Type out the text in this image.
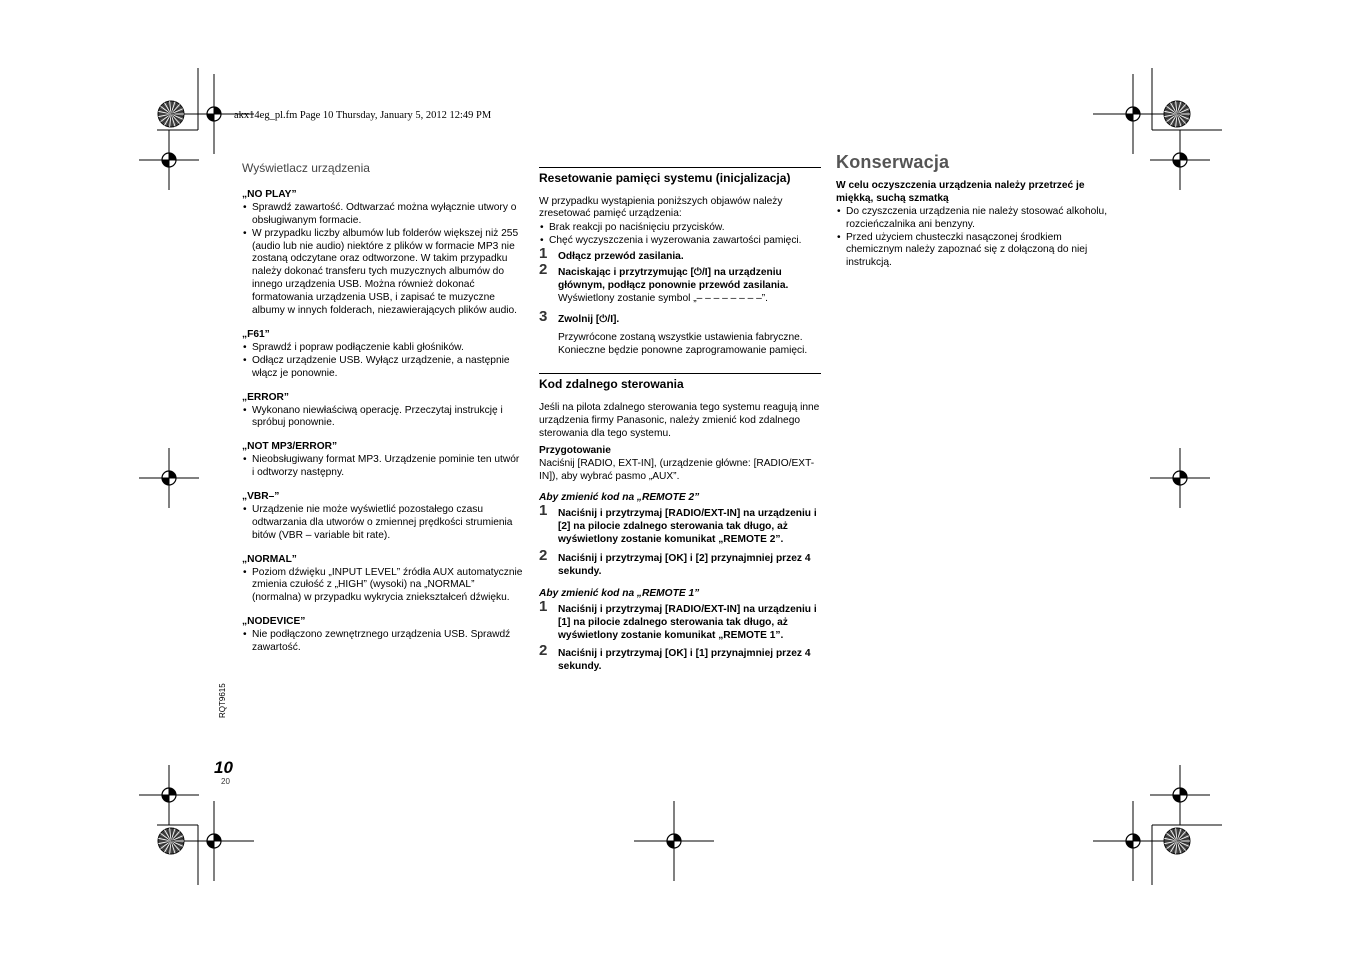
akx14eg_pl.fm Page 10 Thursday, January 5, 2012 12:49 PM
Wyświetlacz urządzenia
„NO PLAY”
• Sprawdź zawartość. Odtwarzać można wyłącznie utwory o obsługiwanym formacie.
• W przypadku liczby albumów lub folderów większej niż 255 (audio lub nie audio) niektóre z plików w formacie MP3 nie zostaną odczytane oraz odtworzone. W takim przypadku należy dokonać transferu tych muzycznych albumów do innego urządzenia USB. Można również dokonać formatowania urządzenia USB, i zapisać te muzyczne albumy w innych folderach, niezawierających plików audio.
„F61”
• Sprawdź i popraw podłączenie kabli głośników.
• Odłącz urządzenie USB. Wyłącz urządzenie, a następnie włącz je ponownie.
„ERROR”
• Wykonano niewłaściwą operację. Przeczytaj instrukcję i spróbuj ponownie.
„NOT MP3/ERROR”
• Nieobsługiwany format MP3. Urządzenie pominie ten utwór i odtworzy następny.
„VBR–”
• Urządzenie nie może wyświetlić pozostałego czasu odtwarzania dla utworów o zmiennej prędkości strumienia bitów (VBR – variable bit rate).
„NORMAL”
• Poziom dźwięku „INPUT LEVEL” źródła AUX automatycznie zmienia czułość z „HIGH” (wysoki) na „NORMAL” (normalna) w przypadku wykrycia zniekształceń dźwięku.
„NODEVICE”
• Nie podłączono zewnętrznego urządzenia USB. Sprawdź zawartość.
Resetowanie pamięci systemu (inicjalizacja)
W przypadku wystąpienia poniższych objawów należy zresetować pamięć urządzenia:
• Brak reakcji po naciśnięciu przycisków.
• Chęć wyczyszczenia i wyzerowania zawartości pamięci.
1 Odłącz przewód zasilania.
2 Naciskając i przytrzymując [⏻/I] na urządzeniu głównym, podłącz ponownie przewód zasilania.
Wyświetlony zostanie symbol „– – – – – – – –”.
3 Zwolnij [⏻/I].
Przywrócone zostaną wszystkie ustawienia fabryczne. Konieczne będzie ponowne zaprogramowanie pamięci.
Kod zdalnego sterowania
Jeśli na pilota zdalnego sterowania tego systemu reagują inne urządzenia firmy Panasonic, należy zmienić kod zdalnego sterowania dla tego systemu.
Przygotowanie
Naciśnij [RADIO, EXT-IN], (urządzenie główne: [RADIO/EXT-IN]), aby wybrać pasmo „AUX”.
Aby zmienić kod na „REMOTE 2”
1 Naciśnij i przytrzymaj [RADIO/EXT-IN] na urządzeniu i [2] na pilocie zdalnego sterowania tak długo, aż wyświetlony zostanie komunikat „REMOTE 2”.
2 Naciśnij i przytrzymaj [OK] i [2] przynajmniej przez 4 sekundy.
Aby zmienić kod na „REMOTE 1”
1 Naciśnij i przytrzymaj [RADIO/EXT-IN] na urządzeniu i [1] na pilocie zdalnego sterowania tak długo, aż wyświetlony zostanie komunikat „REMOTE 1”.
2 Naciśnij i przytrzymaj [OK] i [1] przynajmniej przez 4 sekundy.
Konserwacja
W celu oczyszczenia urządzenia należy przetrzeć je miękką, suchą szmatką
• Do czyszczenia urządzenia nie należy stosować alkoholu, rozcieńczalnika ani benzyny.
• Przed użyciem chusteczki nasączonej środkiem chemicznym należy zapoznać się z dołączoną do niej instrukcją.
RQT9615
10
20
